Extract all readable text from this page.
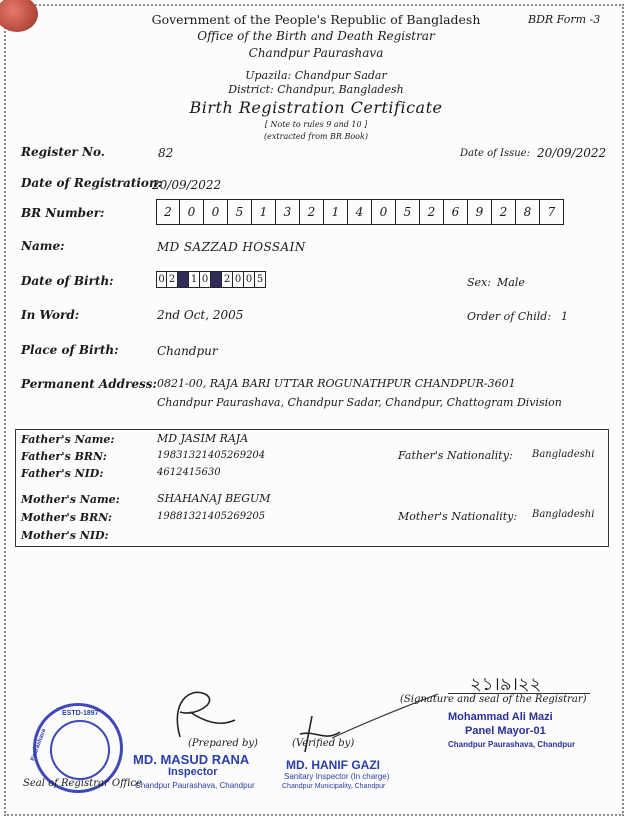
Government of the People's Republic of Bangladesh	BDR Form -3
Office of the Birth and Death Registrar
Chandpur Paurashava
Upazila: Chandpur Sadar
District: Chandpur, Bangladesh
Birth Registration Certificate
[ Note to rules 9 and 10 ]
(extracted from BR Book)
Register No.	82	Date of Issue: 20/09/2022
Date of Registration:
20/09/2022
BR Number:	2	0	0	5	1	3	2	1	4	0	5	2	6	9	2	8	7
Name:	MD SAZZAD HOSSAIN
Date of Birth:	0 2 1 0 2 0 0 5	Sex: Male
In Word:	2nd Oct, 2005	Order of Child: 1
Place of Birth:	Chandpur
Permanent Address: 0821-00, RAJA BARI UTTAR ROGUNATHPUR CHANDPUR-3601
Chandpur Paurashava, Chandpur Sadar, Chandpur, Chattogram Division
Father's Name:	MD JASIM RAJA
Father's BRN:	19831321405269204
Father's NID:	4612415630
Father's Nationality: Bangladeshi
Mother's Name:	SHAHANAJ BEGUM
Mother's BRN:	19881321405269205
Mother's NID:
Mother's Nationality: Bangladeshi
২১।৯।২২
(Signature and seal of the Registrar)
Mohammad Ali Mazi
Panel Mayor-01
Chandpur Paurashava, Chandpur
(Prepared by)
MD. MASUD RANA
Inspector
Chandpur Paurashava, Chandpur
(Verified by)
MD. HANIF GAZI
Sanitary Inspector (In charge)
Chandpur Municipality, Chandpur
ESTD-1897
Paurashava
Seal of Registrar Office
